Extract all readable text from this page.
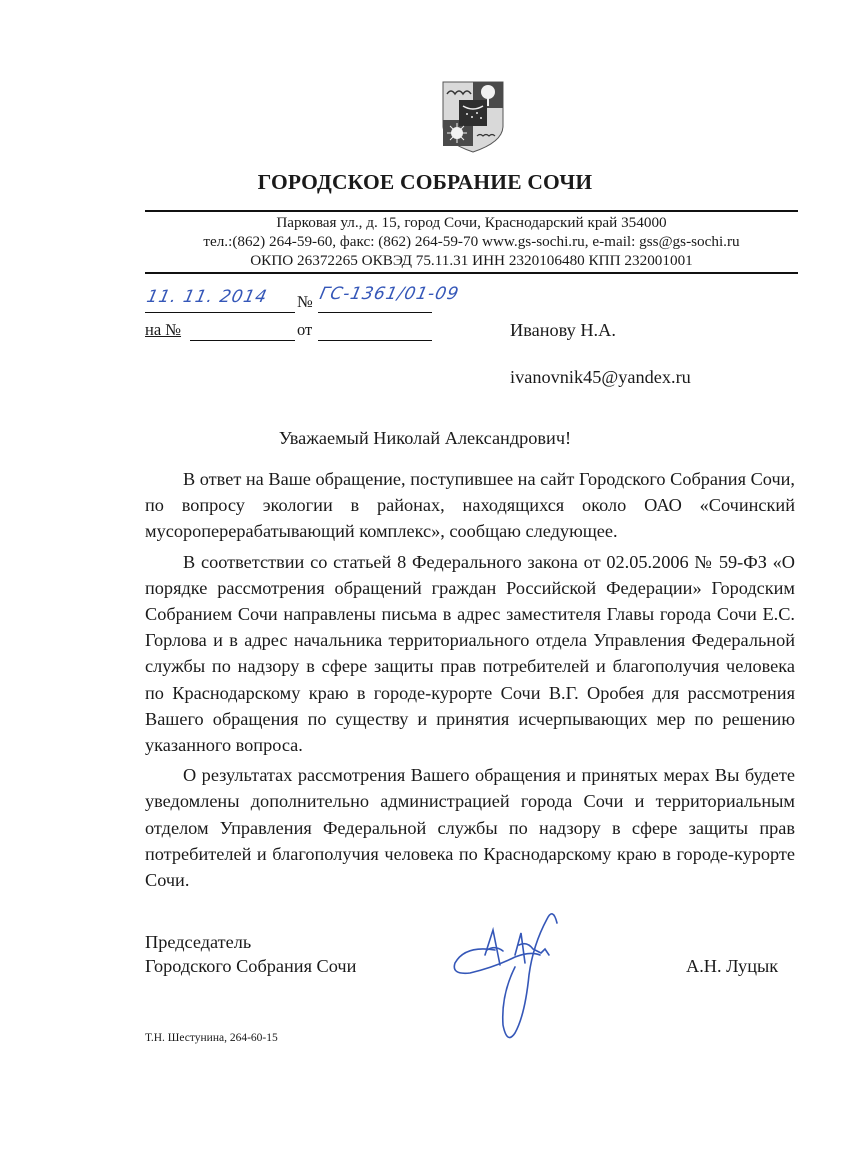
ГОРОДСКОЕ СОБРАНИЕ СОЧИ
Парковая ул., д. 15, город Сочи, Краснодарский край 354000
тел.:(862) 264-59-60, факс: (862) 264-59-70 www.gs-sochi.ru, e-mail: gss@gs-sochi.ru
ОКПО 26372265 ОКВЭД 75.11.31 ИНН 2320106480 КПП 232001001
11. 11. 2014 № ГС-1361/01-09
на №	от	Иванову Н.А.
ivanovnik45@yandex.ru
Уважаемый Николай Александрович!

В ответ на Ваше обращение, поступившее на сайт Городского Собрания Сочи, по вопросу экологии в районах, находящихся около ОАО «Сочинский мусороперерабатывающий комплекс», сообщаю следующее.

В соответствии со статьей 8 Федерального закона от 02.05.2006 № 59-ФЗ «О порядке рассмотрения обращений граждан Российской Федерации» Городским Собранием Сочи направлены письма в адрес заместителя Главы города Сочи Е.С. Горлова и в адрес начальника территориального отдела Управления Федеральной службы по надзору в сфере защиты прав потребителей и благополучия человека по Краснодарскому краю в городе-курорте Сочи В.Г. Оробея для рассмотрения Вашего обращения по существу и принятия исчерпывающих мер по решению указанного вопроса.

О результатах рассмотрения Вашего обращения и принятых мерах Вы будете уведомлены дополнительно администрацией города Сочи и территориальным отделом Управления Федеральной службы по надзору в сфере защиты прав потребителей и благополучия человека по Краснодарскому краю в городе-курорте Сочи.

Председатель
Городского Собрания Сочи	А.Н. Луцык
Т.Н. Шестунина, 264-60-15
